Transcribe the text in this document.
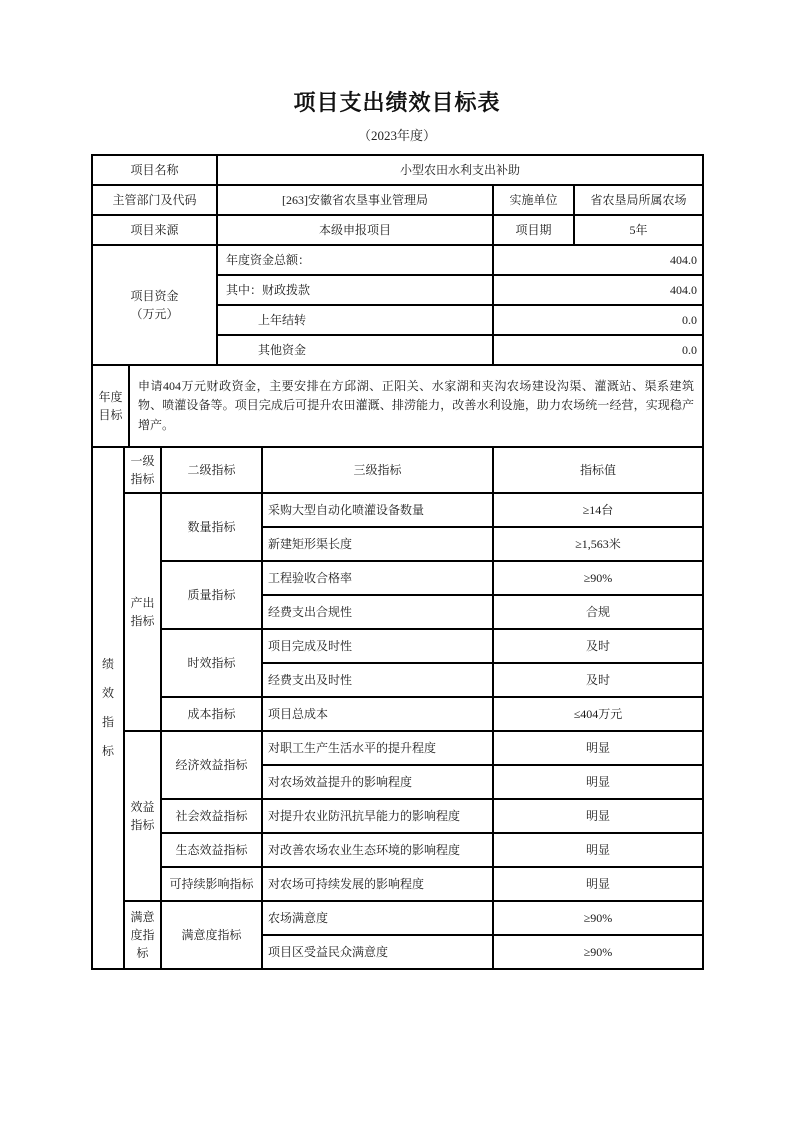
项目支出绩效目标表
（2023年度）
项目名称	小型农田水利支出补助		
主管部门及代码	[263]安徽省农垦事业管理局	实施单位	省农垦局所属农场
项目来源	本级申报项目	项目期	5年
项目资金（万元）	年度资金总额：	404.0	
	其中：财政拨款	404.0	
	上年结转	0.0	
	其他资金	0.0	
年度目标	申请404万元财政资金，主要安排在方邱湖、正阳关、水家湖和夹沟农场建设沟渠、灌溉站、渠系建筑物、喷灌设备等。项目完成后可提升农田灌溉、排涝能力，改善水利设施，助力农场统一经营，实现稳产增产。
绩效指标	一级指标	二级指标	三级指标	指标值
	产出指标	数量指标	采购大型自动化喷灌设备数量	≥14台
			新建矩形渠长度	≥1,563米
		质量指标	工程验收合格率	≥90%
			经费支出合规性	合规
		时效指标	项目完成及时性	及时
			经费支出及时性	及时
		成本指标	项目总成本	≤404万元
	效益指标	经济效益指标	对职工生产生活水平的提升程度	明显
			对农场效益提升的影响程度	明显
		社会效益指标	对提升农业防汛抗旱能力的影响程度	明显
		生态效益指标	对改善农场农业生态环境的影响程度	明显
		可持续影响指标	对农场可持续发展的影响程度	明显
	满意度指标	满意度指标	农场满意度	≥90%
			项目区受益民众满意度	≥90%
